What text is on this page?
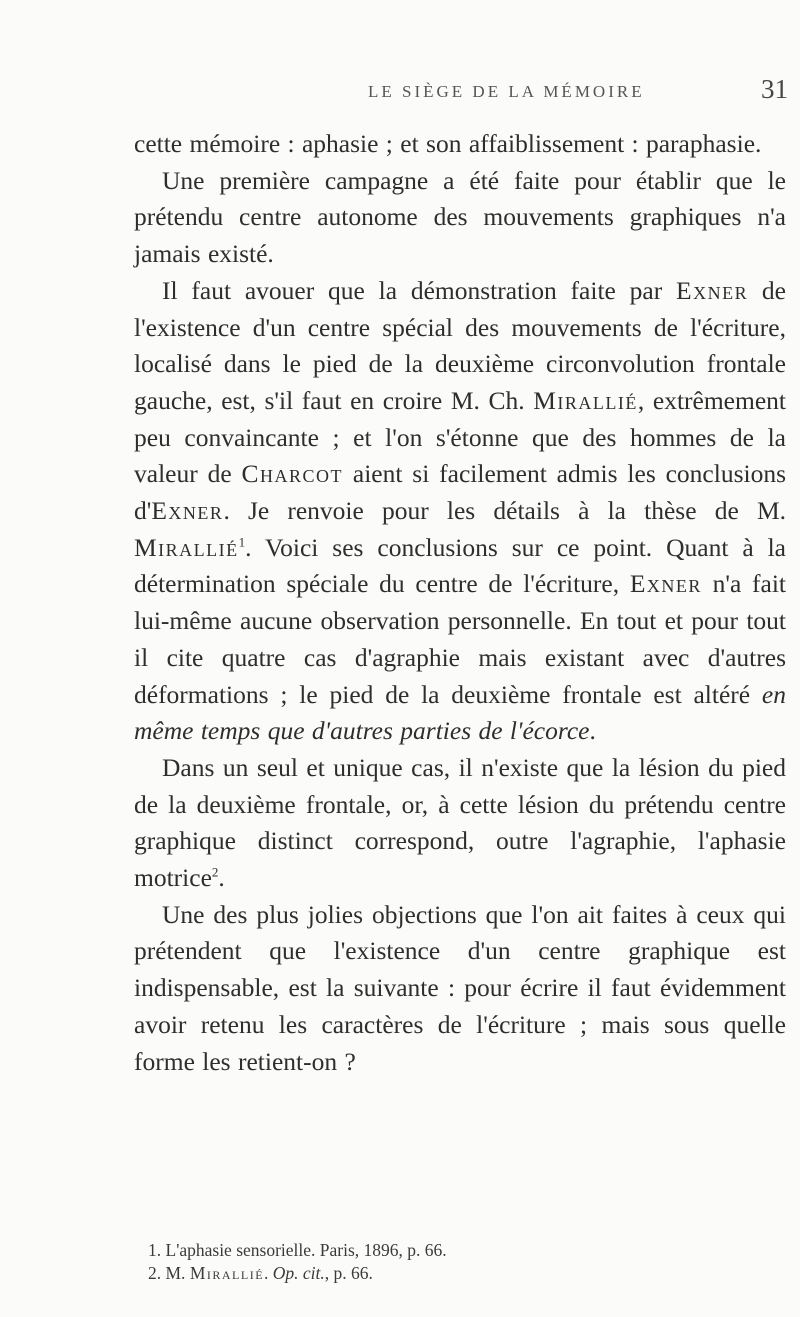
LE SIÈGE DE LA MÉMOIRE	31

cette mémoire : aphasie ; et son affaiblissement : paraphasie.

Une première campagne a été faite pour établir que le prétendu centre autonome des mouvements graphiques n'a jamais existé.

Il faut avouer que la démonstration faite par Exner de l'existence d'un centre spécial des mouvements de l'écriture, localisé dans le pied de la deuxième circonvolution frontale gauche, est, s'il faut en croire M. Ch. Mirallié, extrêmement peu convaincante ; et l'on s'étonne que des hommes de la valeur de Charcot aient si facilement admis les conclusions d'Exner. Je renvoie pour les détails à la thèse de M. Mirallié$^1$. Voici ses conclusions sur ce point. Quant à la détermination spéciale du centre de l'écriture, Exner n'a fait lui-même aucune observation personnelle. En tout et pour tout il cite quatre cas d'agraphie mais existant avec d'autres déformations ; le pied de la deuxième frontale est altéré en même temps que d'autres parties de l'écorce.

Dans un seul et unique cas, il n'existe que la lésion du pied de la deuxième frontale, or, à cette lésion du prétendu centre graphique distinct correspond, outre l'agraphie, l'aphasie motrice$^2$.

Une des plus jolies objections que l'on ait faites à ceux qui prétendent que l'existence d'un centre graphique est indispensable, est la suivante : pour écrire il faut évidemment avoir retenu les caractères de l'écriture ; mais sous quelle forme les retient-on ?

1. L'aphasie sensorielle. Paris, 1896, p. 66.

2. M. Mirallié. Op. cit., p. 66.
